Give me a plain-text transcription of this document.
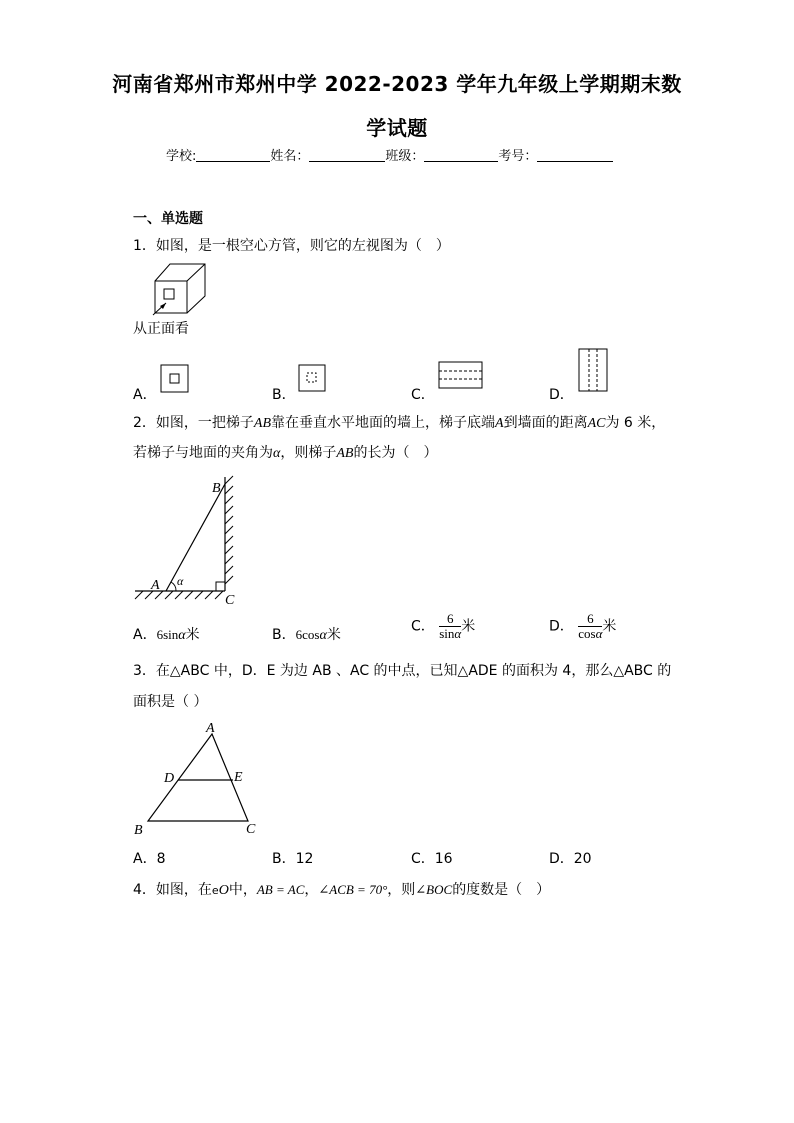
河南省郑州市郑州中学 2022-2023 学年九年级上学期期末数
学试题
学校:	姓名：	班级：	考号：
一、单选题
1．如图，是一根空心方管，则它的左视图为（　）
从正面看
A．	B．	C．	D．
2．如图，一把梯子AB靠在垂直水平地面的墙上，梯子底端A到墙面的距离AC为 6 米，
若梯子与地面的夹角为α，则梯子AB的长为（　）
B
A
C
α
A．6sinα米	B．6cosα米
C． $\frac{6}{\sin\alpha}$ 米	D． $\frac{6}{\cos\alpha}$ 米
3．在△ABC 中，D．E 为边 AB 、AC 的中点，已知△ADE 的面积为 4，那么△ABC 的
面积是（ ）
A
D	E
B	C
A．8	B．12	C．16	D．20
4．如图，在eO中，AB = AC，∠ACB = 70°，则∠BOC的度数是（　）
